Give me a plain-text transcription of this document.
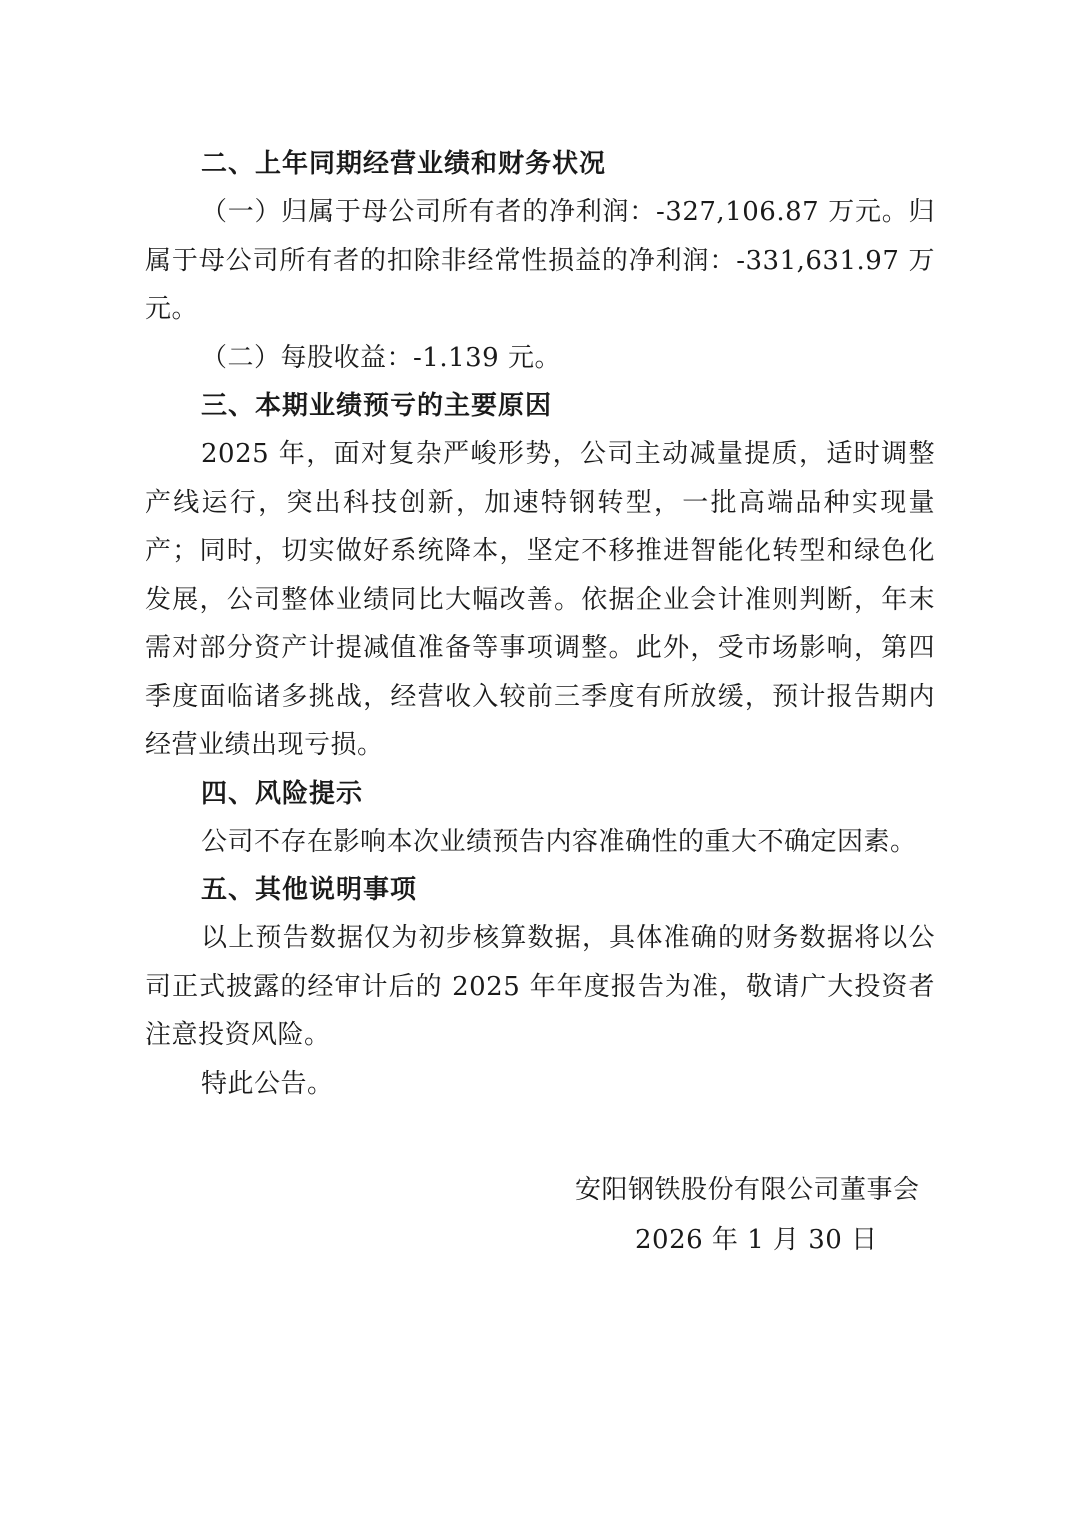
二、上年同期经营业绩和财务状况

（一）归属于母公司所有者的净利润：-327,106.87 万元。归属于母公司所有者的扣除非经常性损益的净利润：-331,631.97 万元。

（二）每股收益：-1.139 元。

三、本期业绩预亏的主要原因

2025 年，面对复杂严峻形势，公司主动减量提质，适时调整产线运行，突出科技创新，加速特钢转型，一批高端品种实现量产；同时，切实做好系统降本，坚定不移推进智能化转型和绿色化发展，公司整体业绩同比大幅改善。依据企业会计准则判断，年末需对部分资产计提减值准备等事项调整。此外，受市场影响，第四季度面临诸多挑战，经营收入较前三季度有所放缓，预计报告期内经营业绩出现亏损。

四、风险提示

公司不存在影响本次业绩预告内容准确性的重大不确定因素。

五、其他说明事项

以上预告数据仅为初步核算数据，具体准确的财务数据将以公司正式披露的经审计后的 2025 年年度报告为准，敬请广大投资者注意投资风险。

特此公告。

安阳钢铁股份有限公司董事会
2026 年 1 月 30 日
